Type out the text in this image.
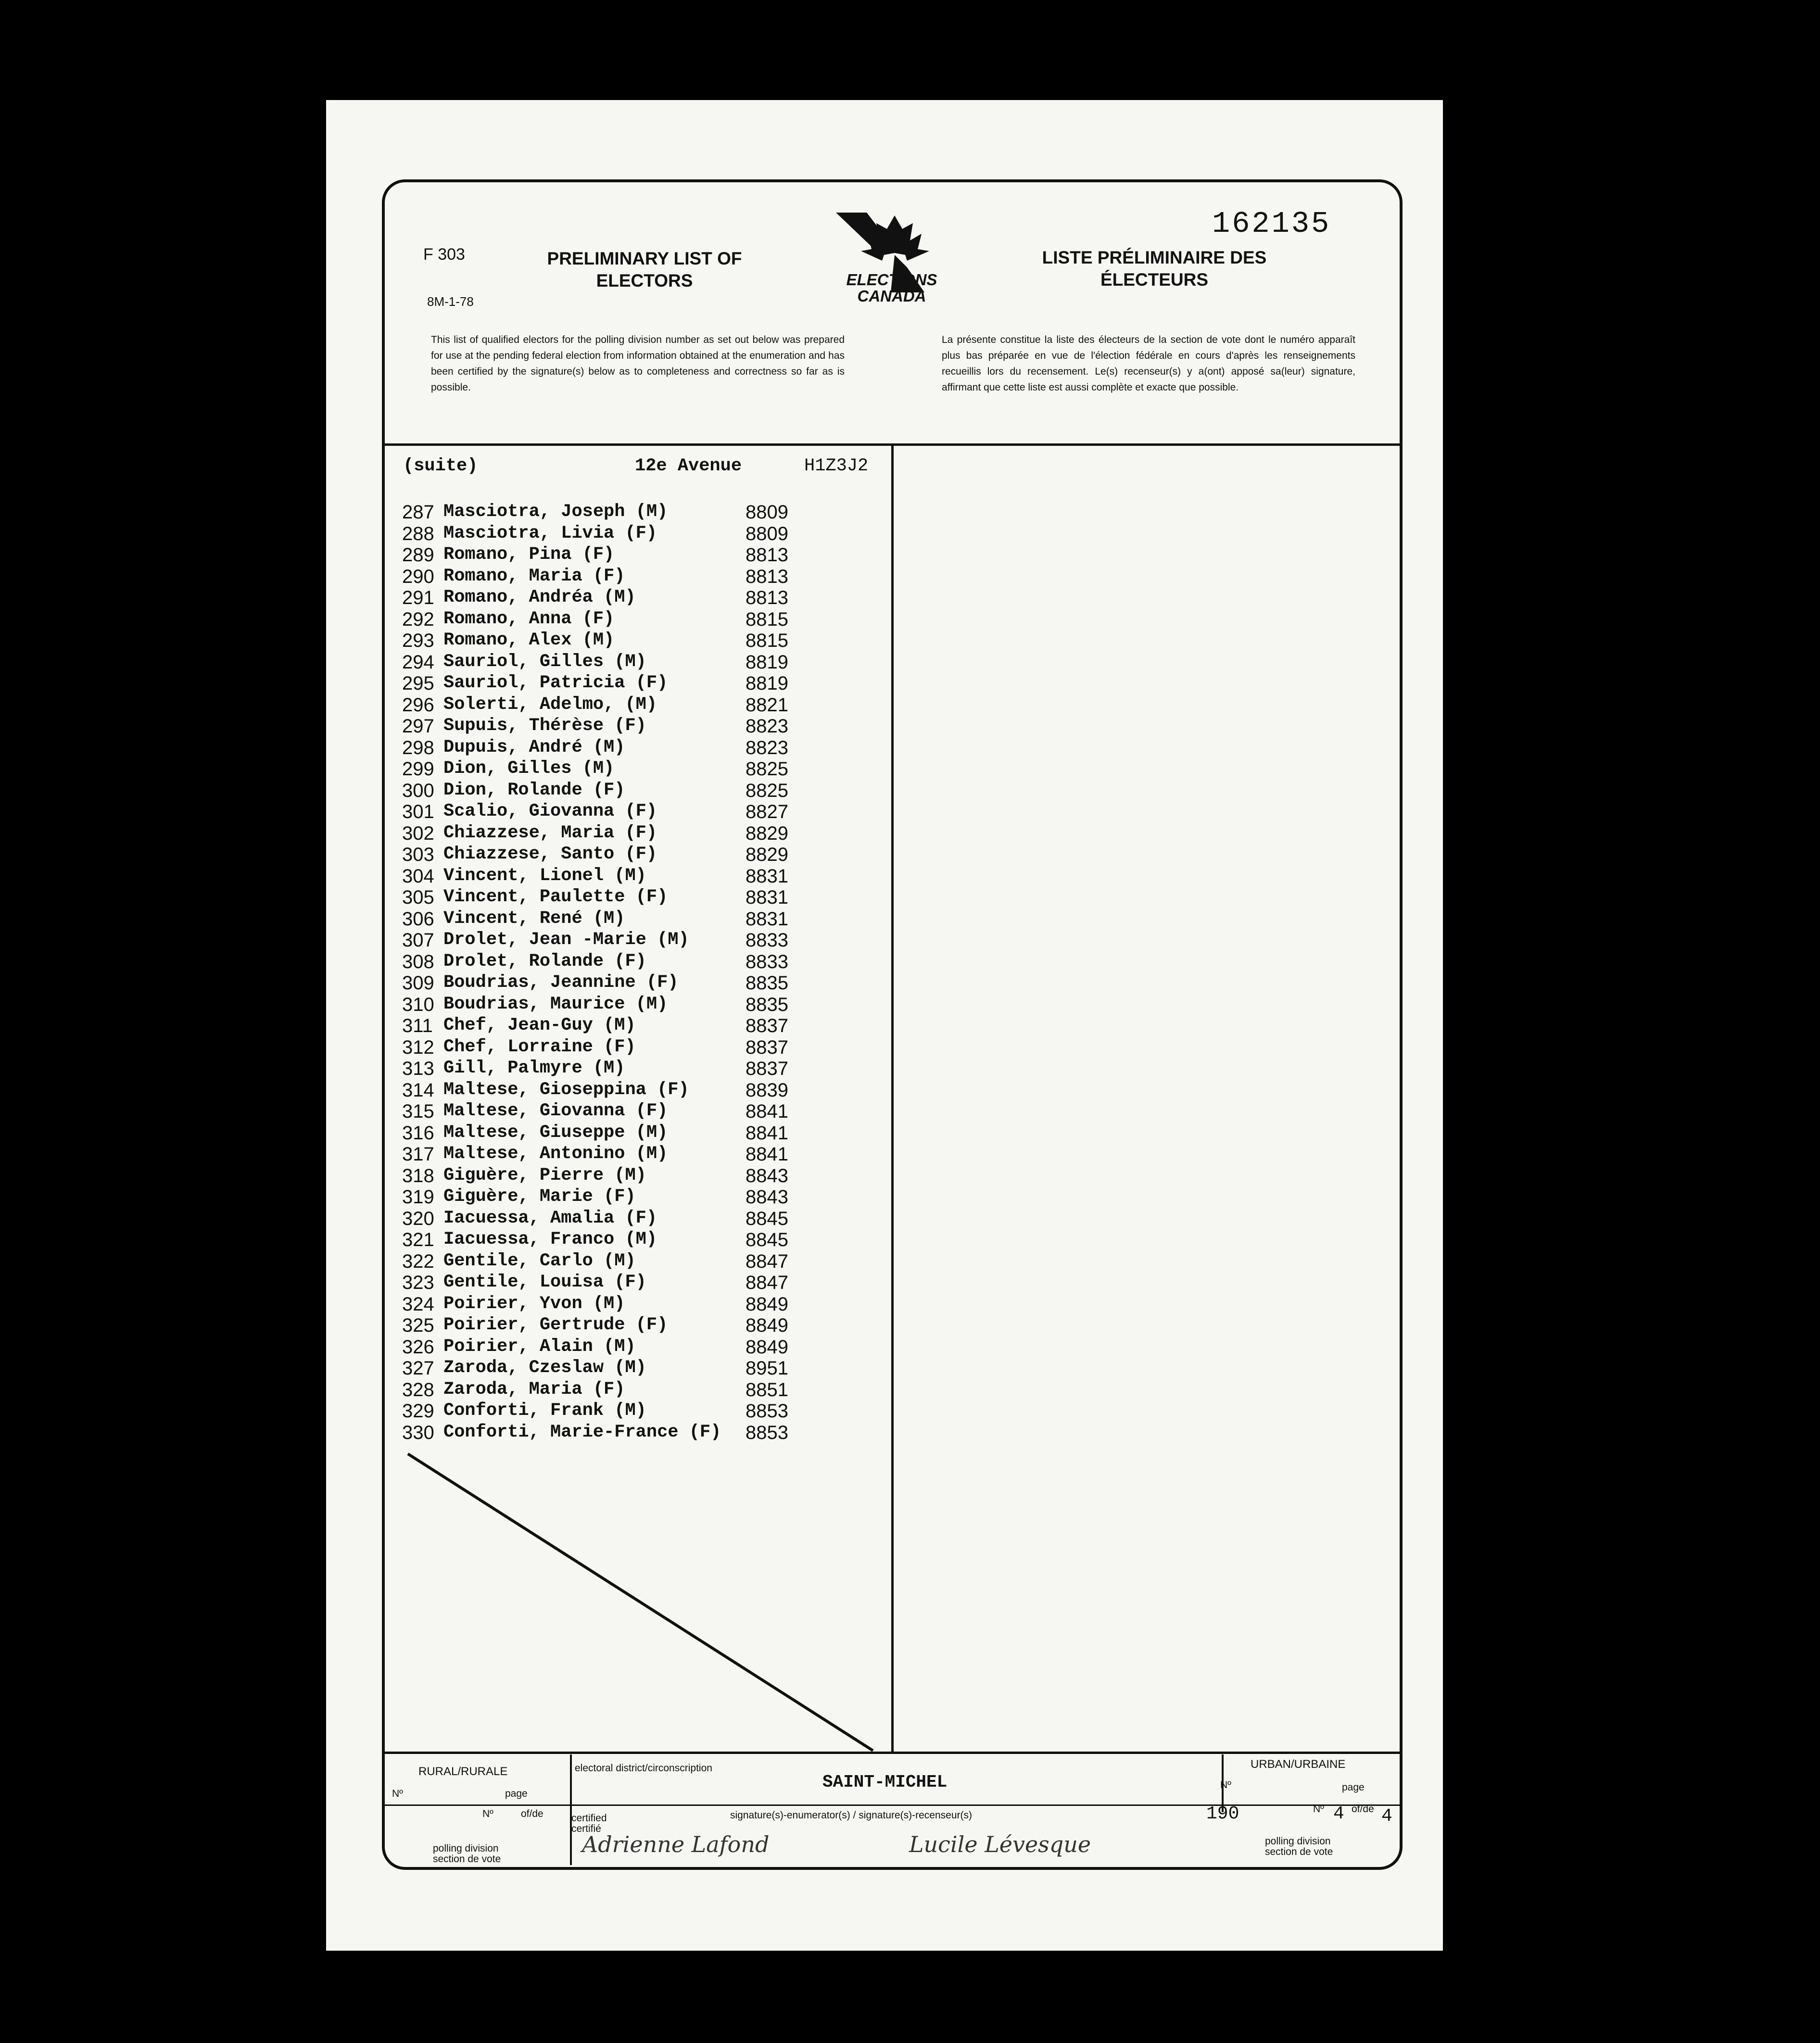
F 303
8M-1-78
PRELIMINARY LIST OF ELECTORS
LISTE PRÉLIMINAIRE DES ÉLECTEURS
162135
ELECTIONS
CANADA
This list of qualified electors for the polling division number as set out below was prepared for use at the pending federal election from information obtained at the enumeration and has been certified by the signature(s) below as to completeness and correctness so far as is possible.
La présente constitue la liste des électeurs de la section de vote dont le numéro apparaît plus bas préparée en vue de l'élection fédérale en cours d'après les renseignements recueillis lors du recensement. Le(s) recenseur(s) y a(ont) apposé sa(leur) signature, affirmant que cette liste est aussi complète et exacte que possible.
(suite)	12e Avenue	H1Z3J2
287 Masciotra, Joseph (M)	8809
288 Masciotra, Livia (F)	8809
289 Romano, Pina (F)	8813
290 Romano, Maria (F)	8813
291 Romano, Andréa (M)	8813
292 Romano, Anna (F)	8815
293 Romano, Alex (M)	8815
294 Sauriol, Gilles (M)	8819
295 Sauriol, Patricia (F)	8819
296 Solerti, Adelmo, (M)	8821
297 Supuis, Thérèse (F)	8823
298 Dupuis, André (M)	8823
299 Dion, Gilles (M)	8825
300 Dion, Rolande (F)	8825
301 Scalio, Giovanna (F)	8827
302 Chiazzese, Maria (F)	8829
303 Chiazzese, Santo (F)	8829
304 Vincent, Lionel (M)	8831
305 Vincent, Paulette (F)	8831
306 Vincent, René (M)	8831
307 Drolet, Jean -Marie (M)	8833
308 Drolet, Rolande (F)	8833
309 Boudrias, Jeannine (F)	8835
310 Boudrias, Maurice (M)	8835
311 Chef, Jean-Guy (M)	8837
312 Chef, Lorraine (F)	8837
313 Gill, Palmyre (M)	8837
314 Maltese, Gioseppina (F)	8839
315 Maltese, Giovanna (F)	8841
316 Maltese, Giuseppe (M)	8841
317 Maltese, Antonino (M)	8841
318 Giguère, Pierre (M)	8843
319 Giguère, Marie (F)	8843
320 Iacuessa, Amalia (F)	8845
321 Iacuessa, Franco (M)	8845
322 Gentile, Carlo (M)	8847
323 Gentile, Louisa (F)	8847
324 Poirier, Yvon (M)	8849
325 Poirier, Gertrude (F)	8849
326 Poirier, Alain (M)	8849
327 Zaroda, Czeslaw (M)	8951
328 Zaroda, Maria (F)	8851
329 Conforti, Frank (M)	8853
330 Conforti, Marie-France (F)	8853
RURAL/RURALE
URBAN/URBAINE
electoral district/circonscription
SAINT-MICHEL
Nº	page
Nº	of/de
Nº	page
Nº	of/de
certified certifié
signature(s)-enumerator(s) / signature(s)-recenseur(s)
polling division section de vote
polling division section de vote
190	4 4
Adrienne Lafond	Lucile Lévesque
